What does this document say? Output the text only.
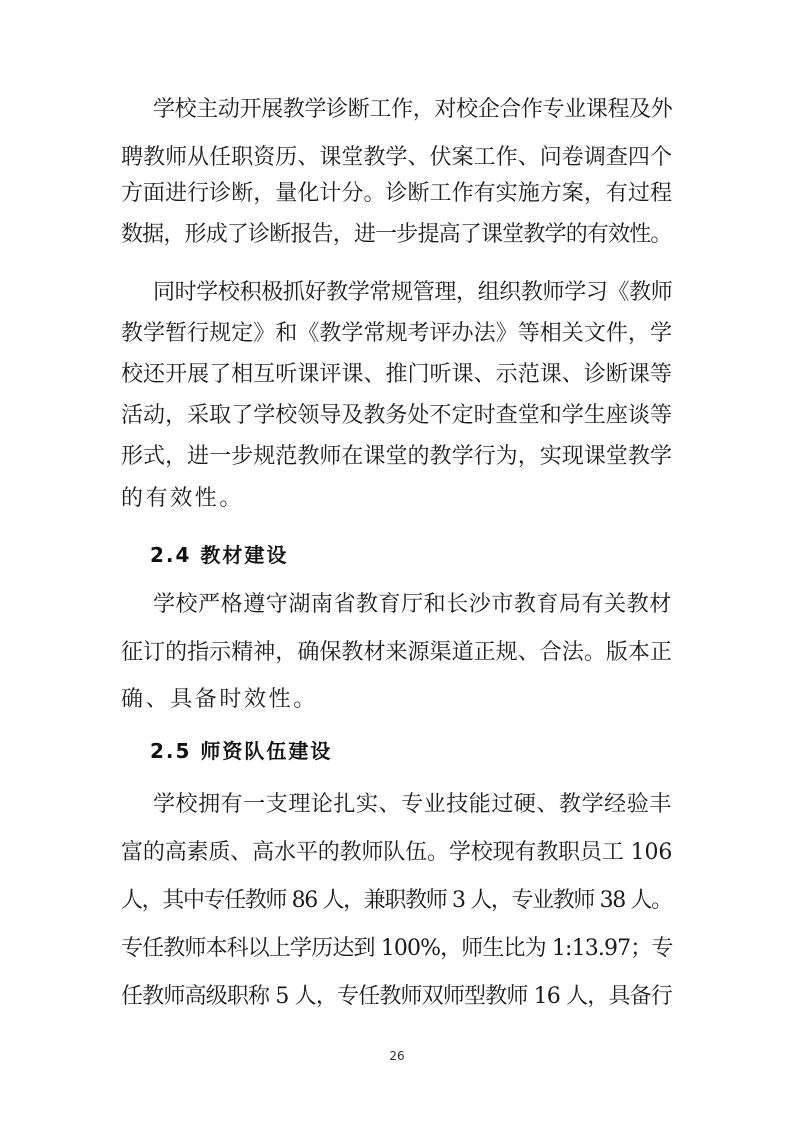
学校主动开展教学诊断工作，对校企合作专业课程及外
聘教师从任职资历、课堂教学、伏案工作、问卷调查四个
方面进行诊断，量化计分。诊断工作有实施方案，有过程
数据，形成了诊断报告，进一步提高了课堂教学的有效性。
同时学校积极抓好教学常规管理，组织教师学习《教师
教学暂行规定》和《教学常规考评办法》等相关文件，学
校还开展了相互听课评课、推门听课、示范课、诊断课等
活动，采取了学校领导及教务处不定时查堂和学生座谈等
形式，进一步规范教师在课堂的教学行为，实现课堂教学
的有效性。
2.4 教材建设
学校严格遵守湖南省教育厅和长沙市教育局有关教材
征订的指示精神，确保教材来源渠道正规、合法。版本正
确、具备时效性。
2.5 师资队伍建设
学校拥有一支理论扎实、专业技能过硬、教学经验丰
富的高素质、高水平的教师队伍。学校现有教职员工 106
人，其中专任教师 86 人，兼职教师 3 人，专业教师 38 人。
专任教师本科以上学历达到 100%，师生比为 1:13.97；专
任教师高级职称 5 人，专任教师双师型教师 16 人，具备行
26
